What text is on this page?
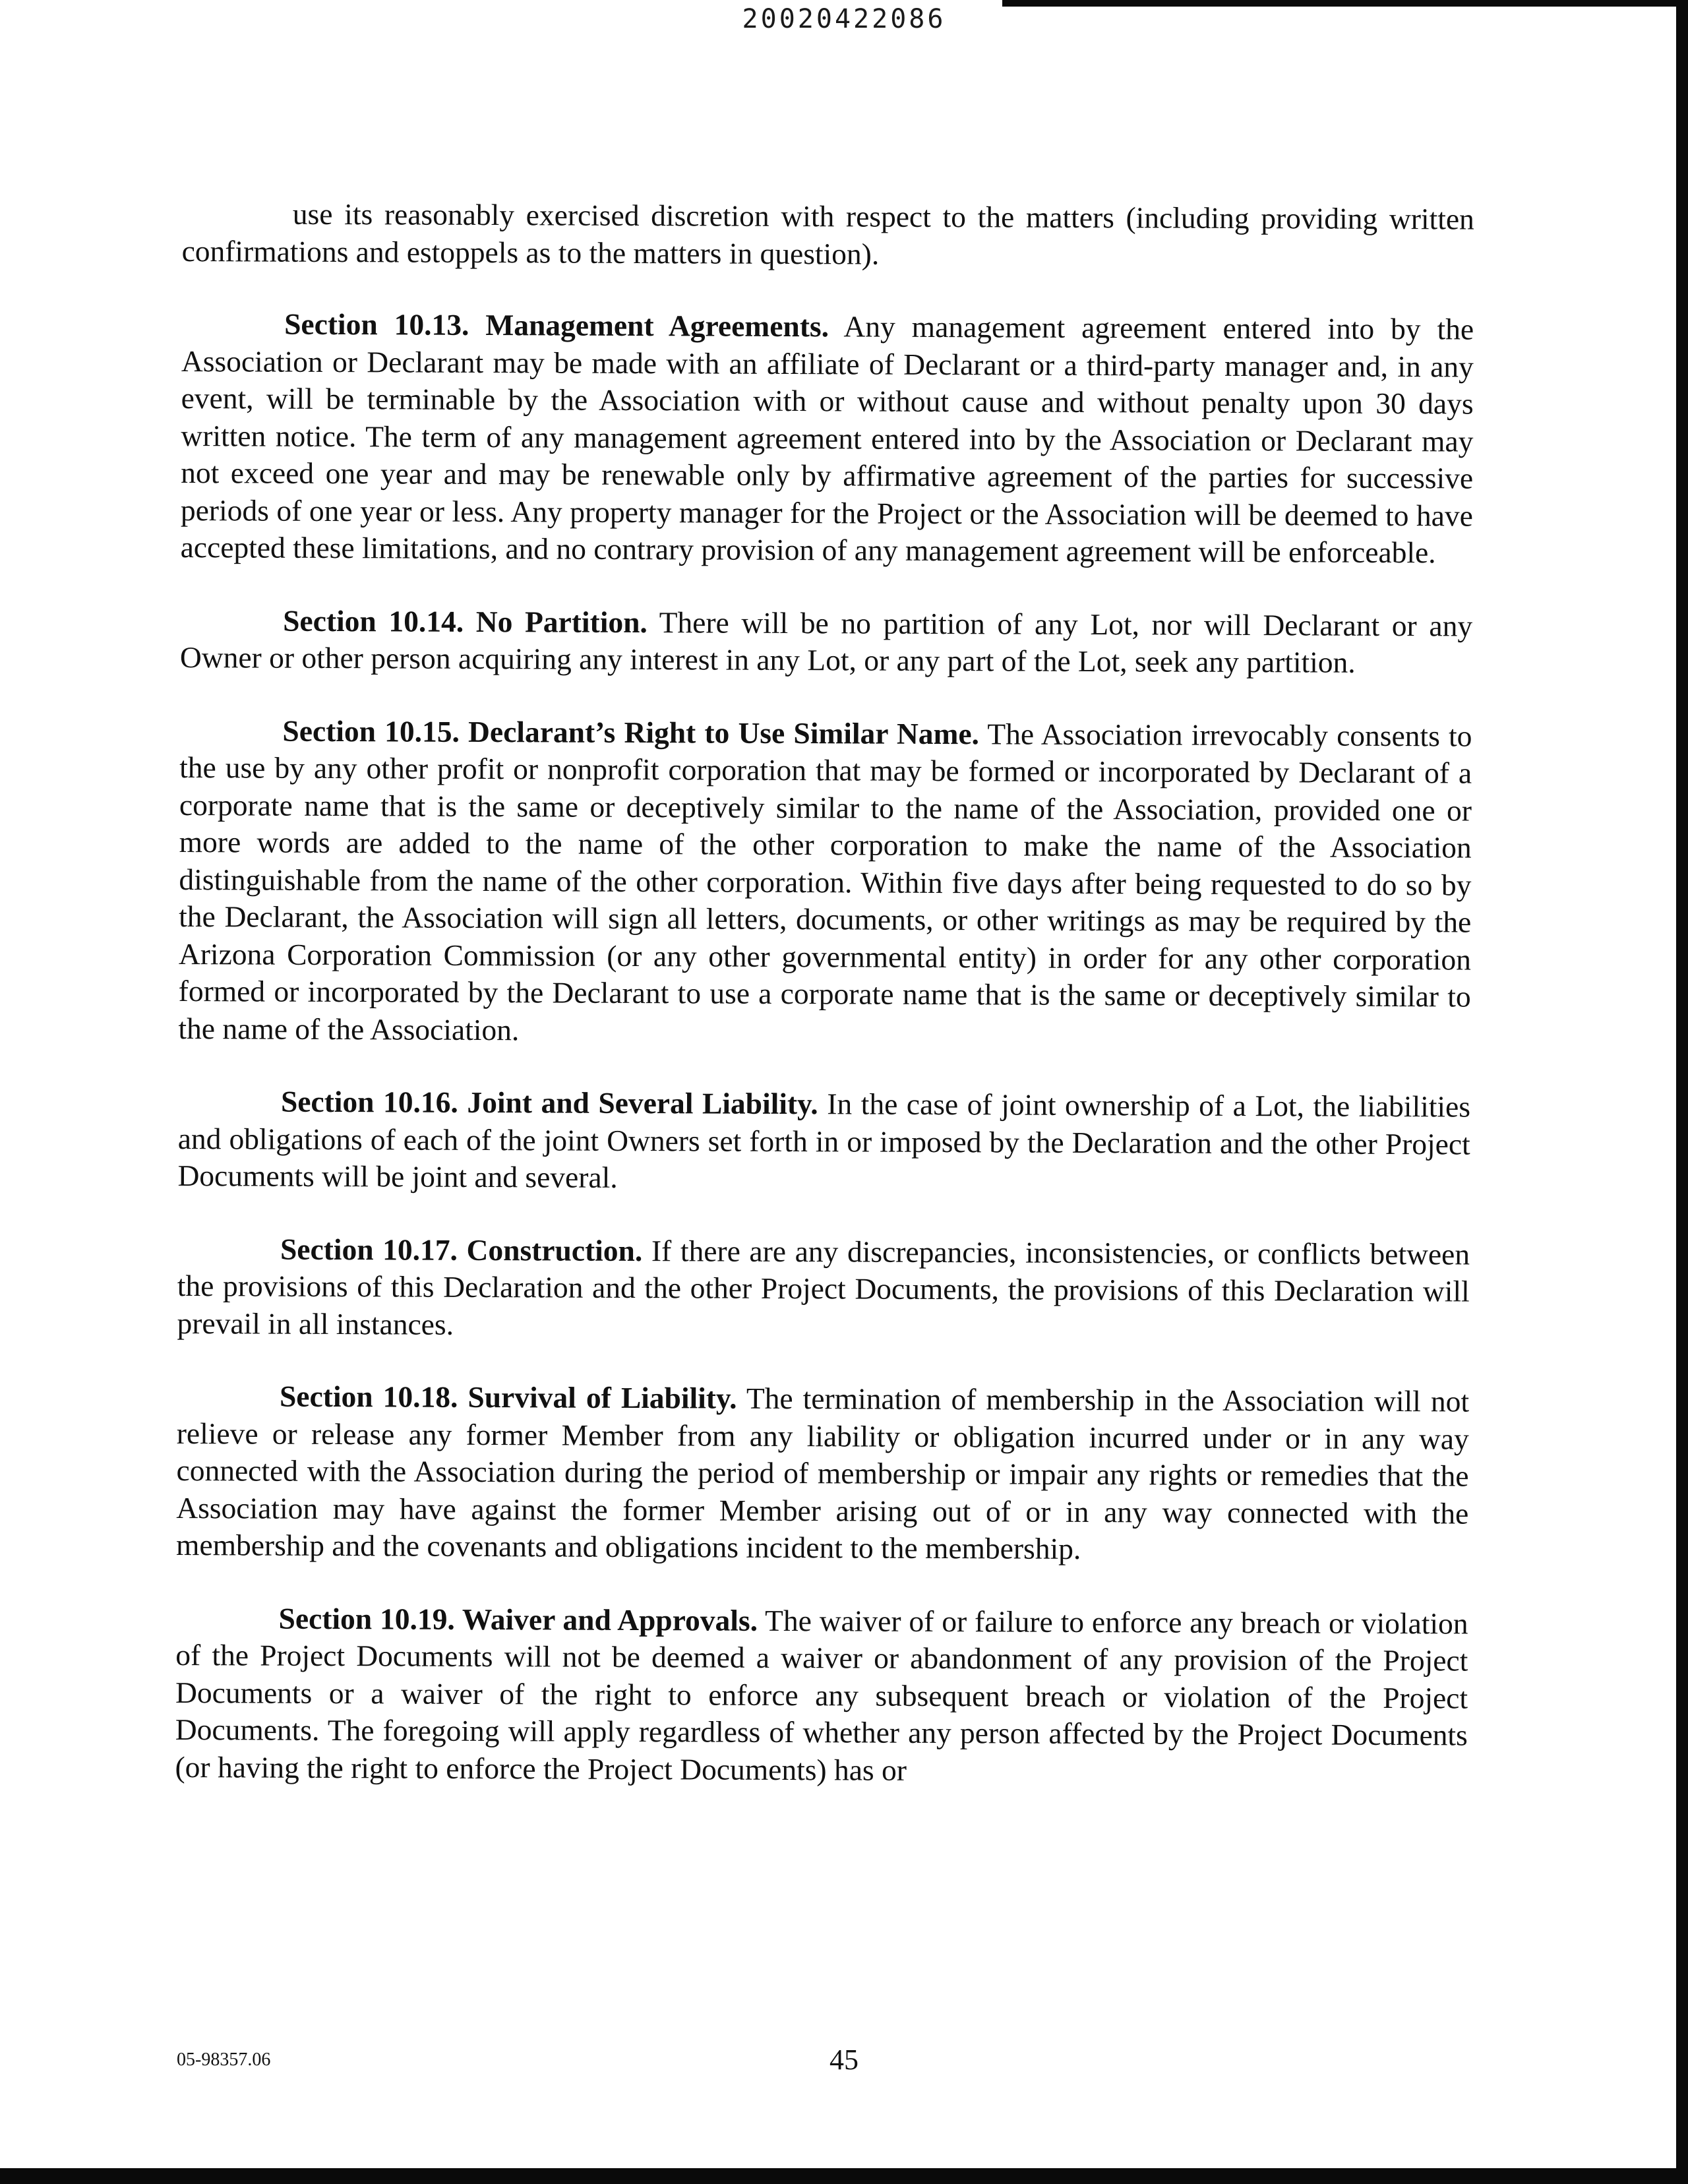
20020422086

use its reasonably exercised discretion with respect to the matters (including providing written confirmations and estoppels as to the matters in question).

Section 10.13. Management Agreements. Any management agreement entered into by the Association or Declarant may be made with an affiliate of Declarant or a third-party manager and, in any event, will be terminable by the Association with or without cause and without penalty upon 30 days written notice. The term of any management agreement entered into by the Association or Declarant may not exceed one year and may be renewable only by affirmative agreement of the parties for successive periods of one year or less. Any property manager for the Project or the Association will be deemed to have accepted these limitations, and no contrary provision of any management agreement will be enforceable.

Section 10.14. No Partition. There will be no partition of any Lot, nor will Declarant or any Owner or other person acquiring any interest in any Lot, or any part of the Lot, seek any partition.

Section 10.15. Declarant’s Right to Use Similar Name. The Association irrevocably consents to the use by any other profit or nonprofit corporation that may be formed or incorporated by Declarant of a corporate name that is the same or deceptively similar to the name of the Association, provided one or more words are added to the name of the other corporation to make the name of the Association distinguishable from the name of the other corporation. Within five days after being requested to do so by the Declarant, the Association will sign all letters, documents, or other writings as may be required by the Arizona Corporation Commission (or any other governmental entity) in order for any other corporation formed or incorporated by the Declarant to use a corporate name that is the same or deceptively similar to the name of the Association.

Section 10.16. Joint and Several Liability. In the case of joint ownership of a Lot, the liabilities and obligations of each of the joint Owners set forth in or imposed by the Declaration and the other Project Documents will be joint and several.

Section 10.17. Construction. If there are any discrepancies, inconsistencies, or conflicts between the provisions of this Declaration and the other Project Documents, the provisions of this Declaration will prevail in all instances.

Section 10.18. Survival of Liability. The termination of membership in the Association will not relieve or release any former Member from any liability or obligation incurred under or in any way connected with the Association during the period of membership or impair any rights or remedies that the Association may have against the former Member arising out of or in any way connected with the membership and the covenants and obligations incident to the membership.

Section 10.19. Waiver and Approvals. The waiver of or failure to enforce any breach or violation of the Project Documents will not be deemed a waiver or abandonment of any provision of the Project Documents or a waiver of the right to enforce any subsequent breach or violation of the Project Documents. The foregoing will apply regardless of whether any person affected by the Project Documents (or having the right to enforce the Project Documents) has or

05-98357.06	45
